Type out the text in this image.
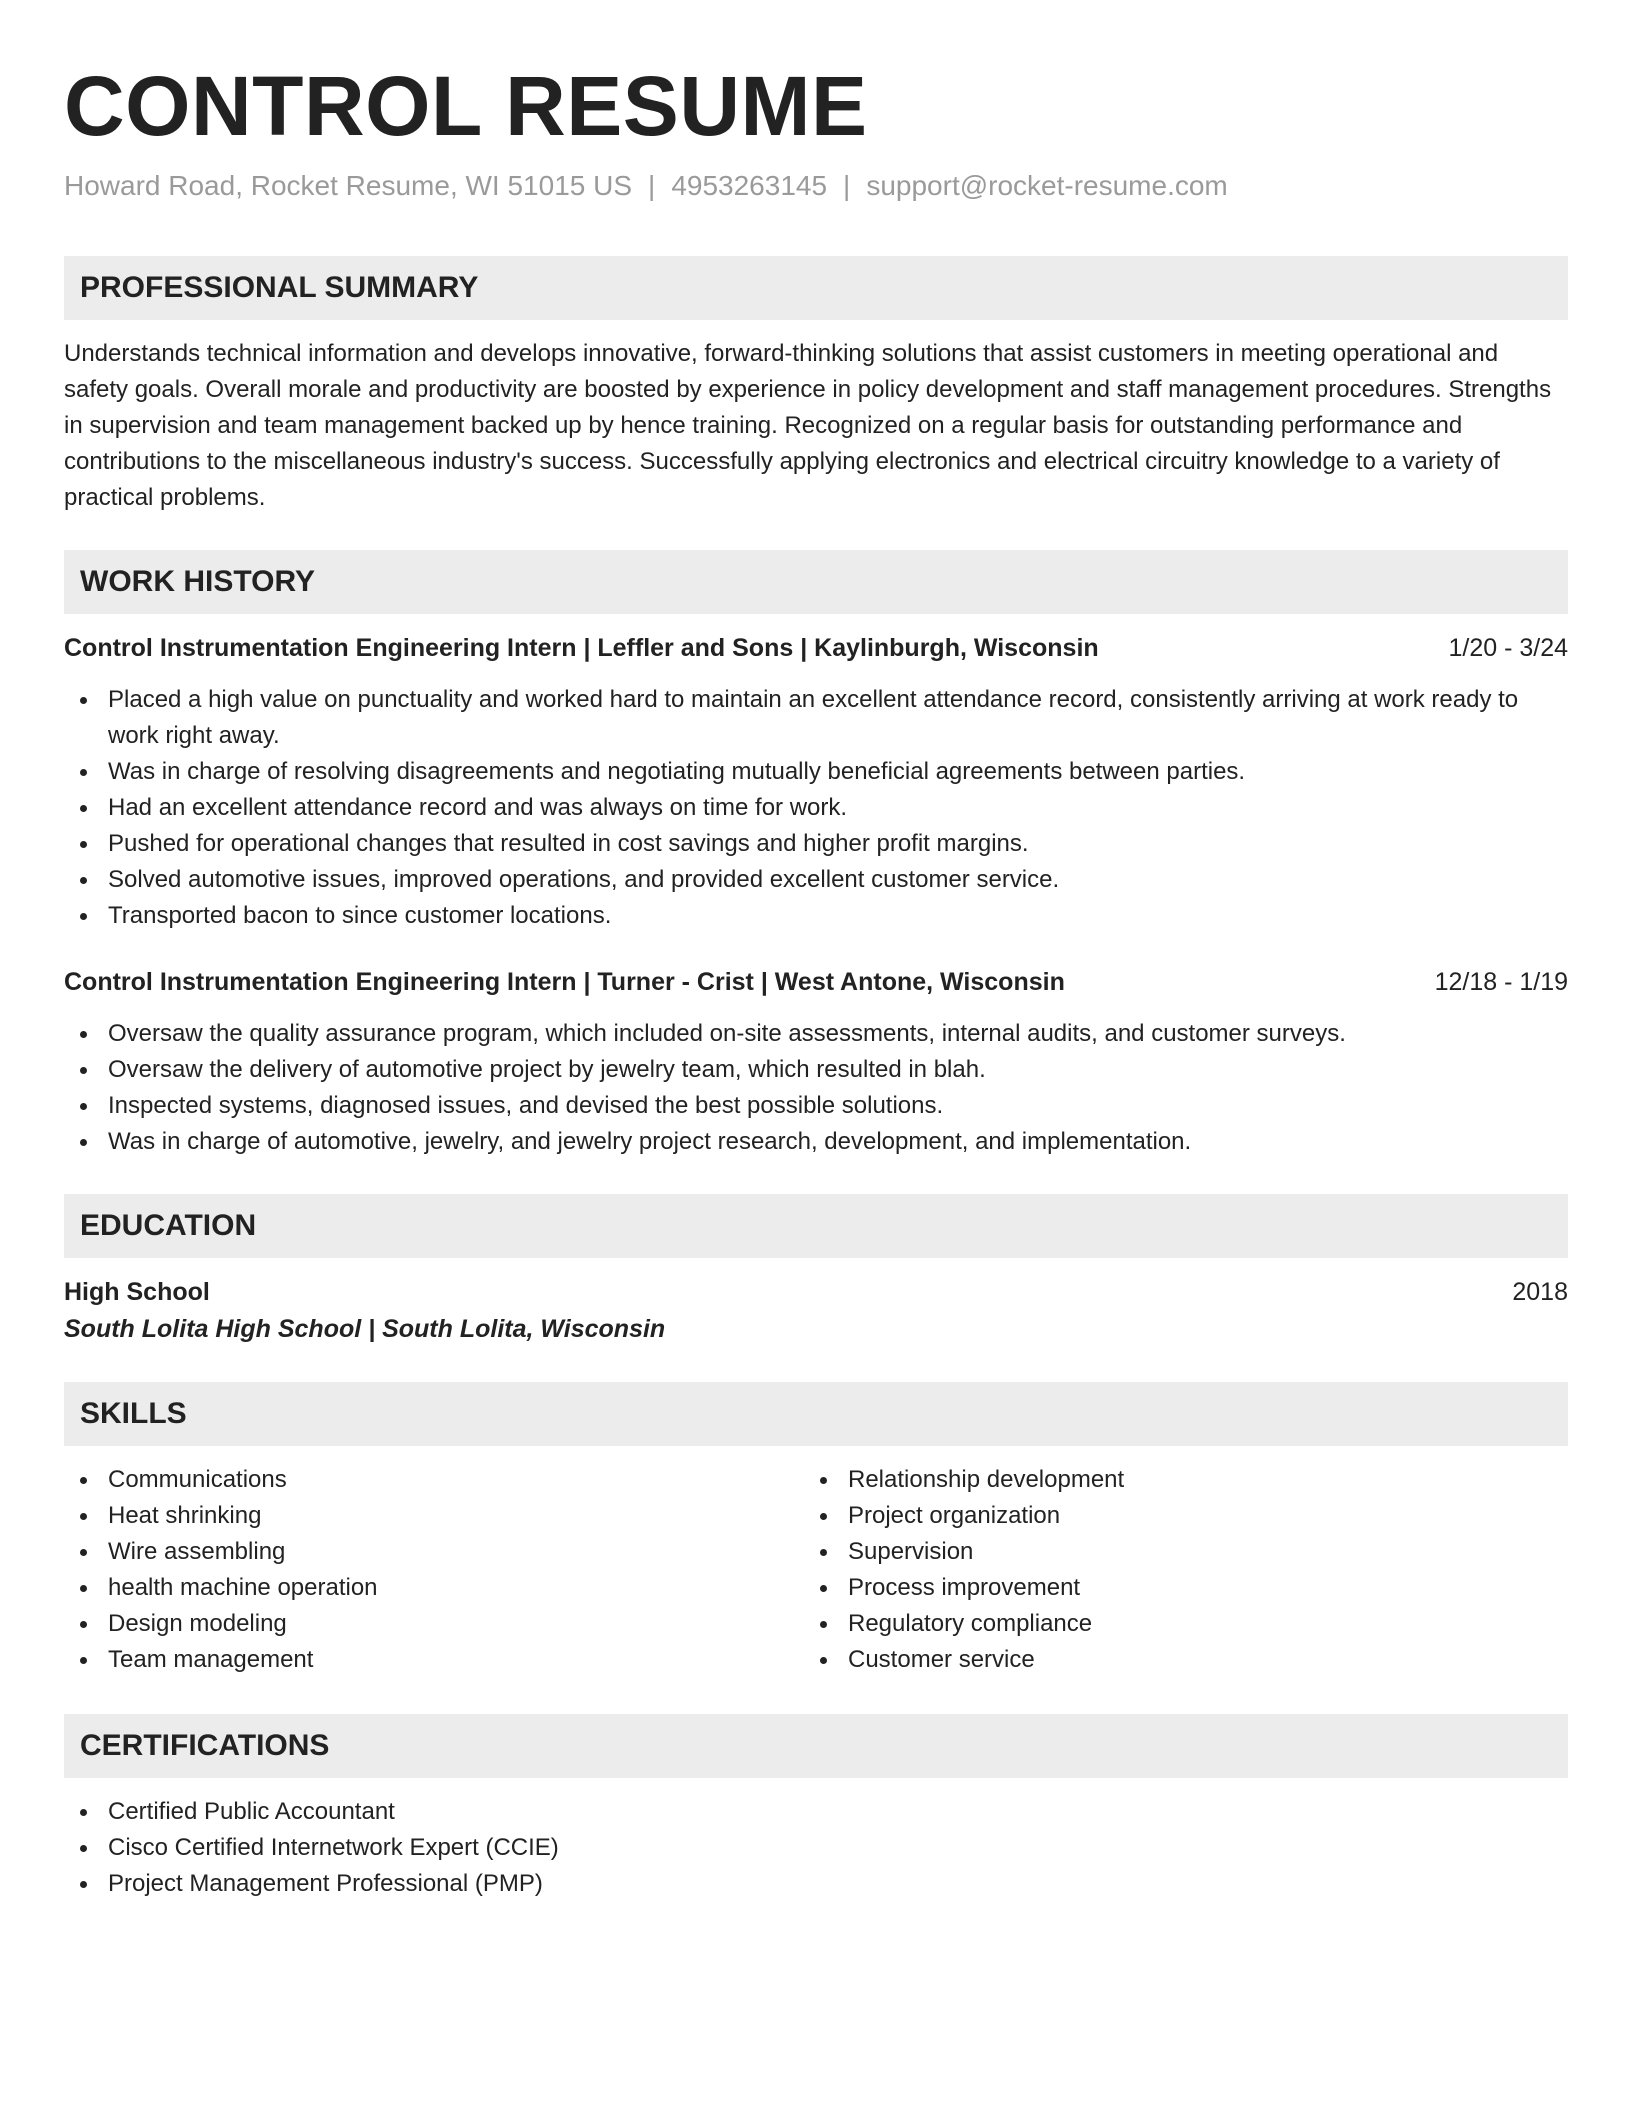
CONTROL RESUME
Howard Road, Rocket Resume, WI 51015 US | 4953263145 | support@rocket-resume.com
PROFESSIONAL SUMMARY

Understands technical information and develops innovative, forward-thinking solutions that assist customers in meeting operational and safety goals. Overall morale and productivity are boosted by experience in policy development and staff management procedures. Strengths in supervision and team management backed up by hence training. Recognized on a regular basis for outstanding performance and contributions to the miscellaneous industry's success. Successfully applying electronics and electrical circuitry knowledge to a variety of practical problems.

WORK HISTORY
Control Instrumentation Engineering Intern | Leffler and Sons | Kaylinburgh, Wisconsin	1/20 - 3/24
Placed a high value on punctuality and worked hard to maintain an excellent attendance record, consistently arriving at work ready to work right away.
Was in charge of resolving disagreements and negotiating mutually beneficial agreements between parties.
Had an excellent attendance record and was always on time for work.
Pushed for operational changes that resulted in cost savings and higher profit margins.
Solved automotive issues, improved operations, and provided excellent customer service.
Transported bacon to since customer locations.
Control Instrumentation Engineering Intern | Turner - Crist | West Antone, Wisconsin	12/18 - 1/19
Oversaw the quality assurance program, which included on-site assessments, internal audits, and customer surveys.
Oversaw the delivery of automotive project by jewelry team, which resulted in blah.
Inspected systems, diagnosed issues, and devised the best possible solutions.
Was in charge of automotive, jewelry, and jewelry project research, development, and implementation.
EDUCATION
High School	2018
South Lolita High School | South Lolita, Wisconsin
SKILLS
Communications
Heat shrinking
Wire assembling
health machine operation
Design modeling
Team management
Relationship development
Project organization
Supervision
Process improvement
Regulatory compliance
Customer service
CERTIFICATIONS
Certified Public Accountant
Cisco Certified Internetwork Expert (CCIE)
Project Management Professional (PMP)
